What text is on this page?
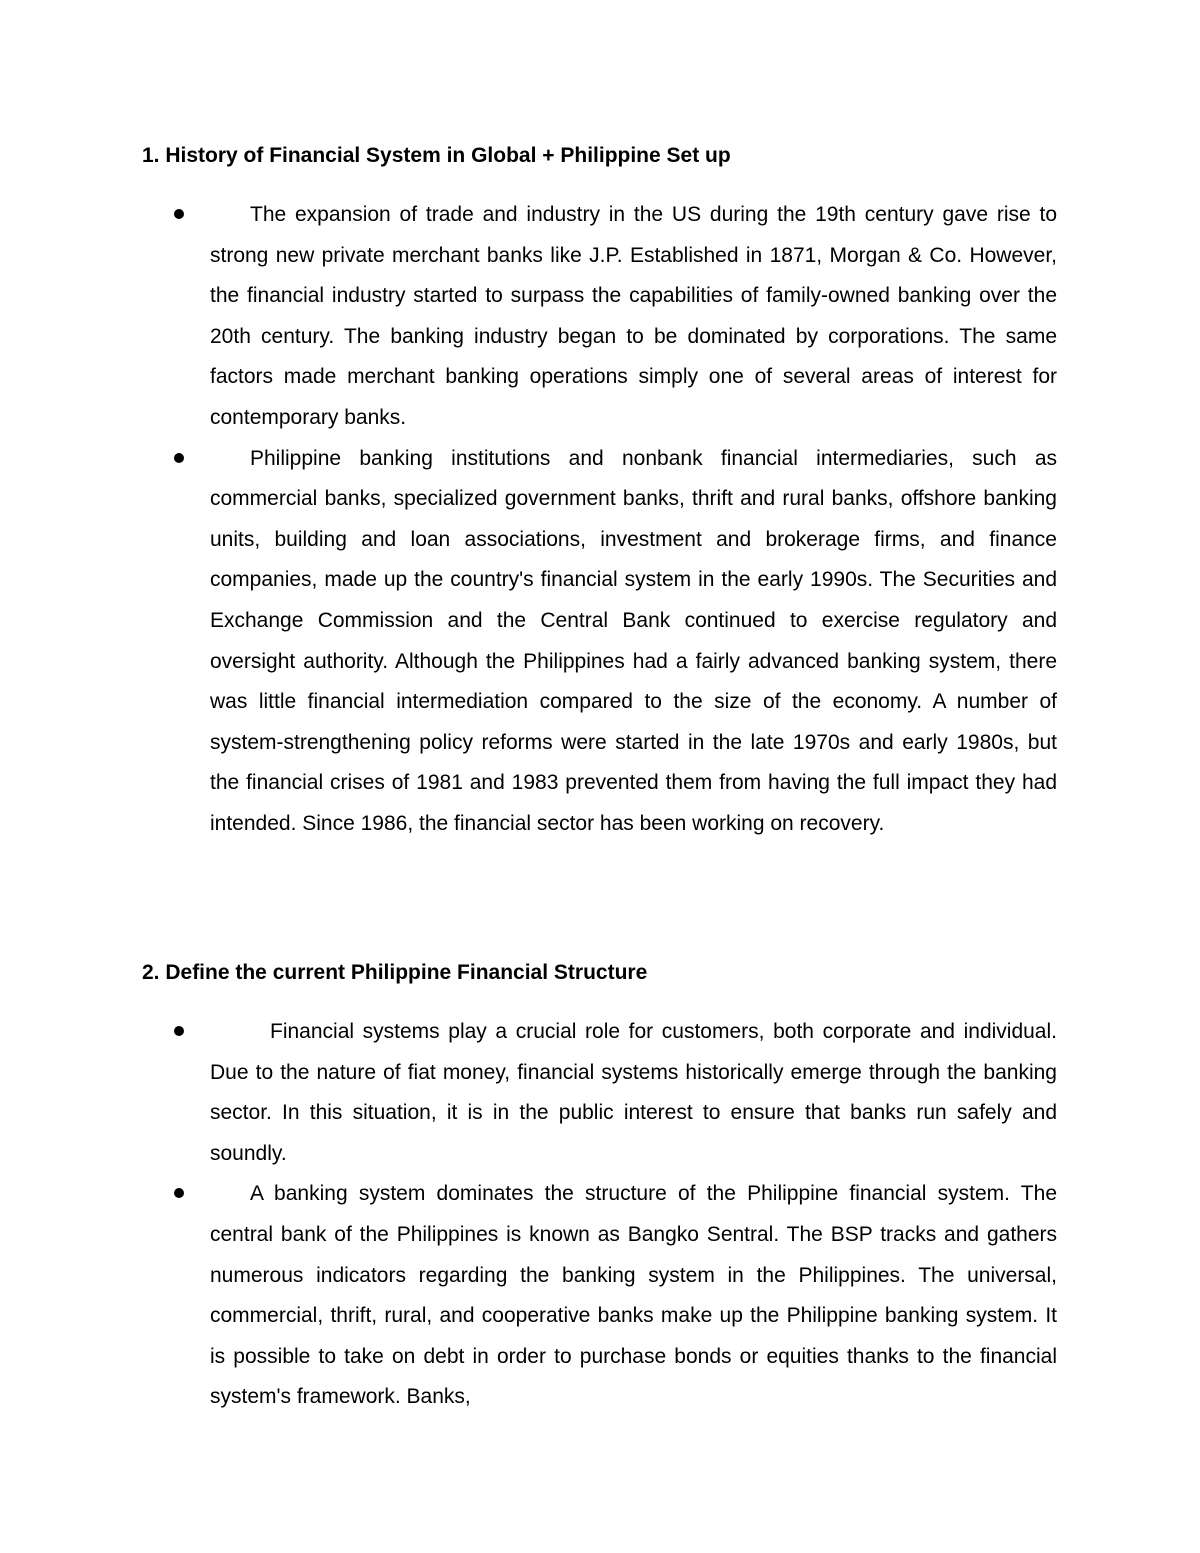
1. History of Financial System in Global + Philippine Set up

The expansion of trade and industry in the US during the 19th century gave rise to strong new private merchant banks like J.P. Established in 1871, Morgan & Co. However, the financial industry started to surpass the capabilities of family-owned banking over the 20th century. The banking industry began to be dominated by corporations. The same factors made merchant banking operations simply one of several areas of interest for contemporary banks.

Philippine banking institutions and nonbank financial intermediaries, such as commercial banks, specialized government banks, thrift and rural banks, offshore banking units, building and loan associations, investment and brokerage firms, and finance companies, made up the country's financial system in the early 1990s. The Securities and Exchange Commission and the Central Bank continued to exercise regulatory and oversight authority. Although the Philippines had a fairly advanced banking system, there was little financial intermediation compared to the size of the economy. A number of system-strengthening policy reforms were started in the late 1970s and early 1980s, but the financial crises of 1981 and 1983 prevented them from having the full impact they had intended. Since 1986, the financial sector has been working on recovery.

2. Define the current Philippine Financial Structure

Financial systems play a crucial role for customers, both corporate and individual. Due to the nature of fiat money, financial systems historically emerge through the banking sector. In this situation, it is in the public interest to ensure that banks run safely and soundly.

A banking system dominates the structure of the Philippine financial system. The central bank of the Philippines is known as Bangko Sentral. The BSP tracks and gathers numerous indicators regarding the banking system in the Philippines. The universal, commercial, thrift, rural, and cooperative banks make up the Philippine banking system. It is possible to take on debt in order to purchase bonds or equities thanks to the financial system's framework. Banks,
